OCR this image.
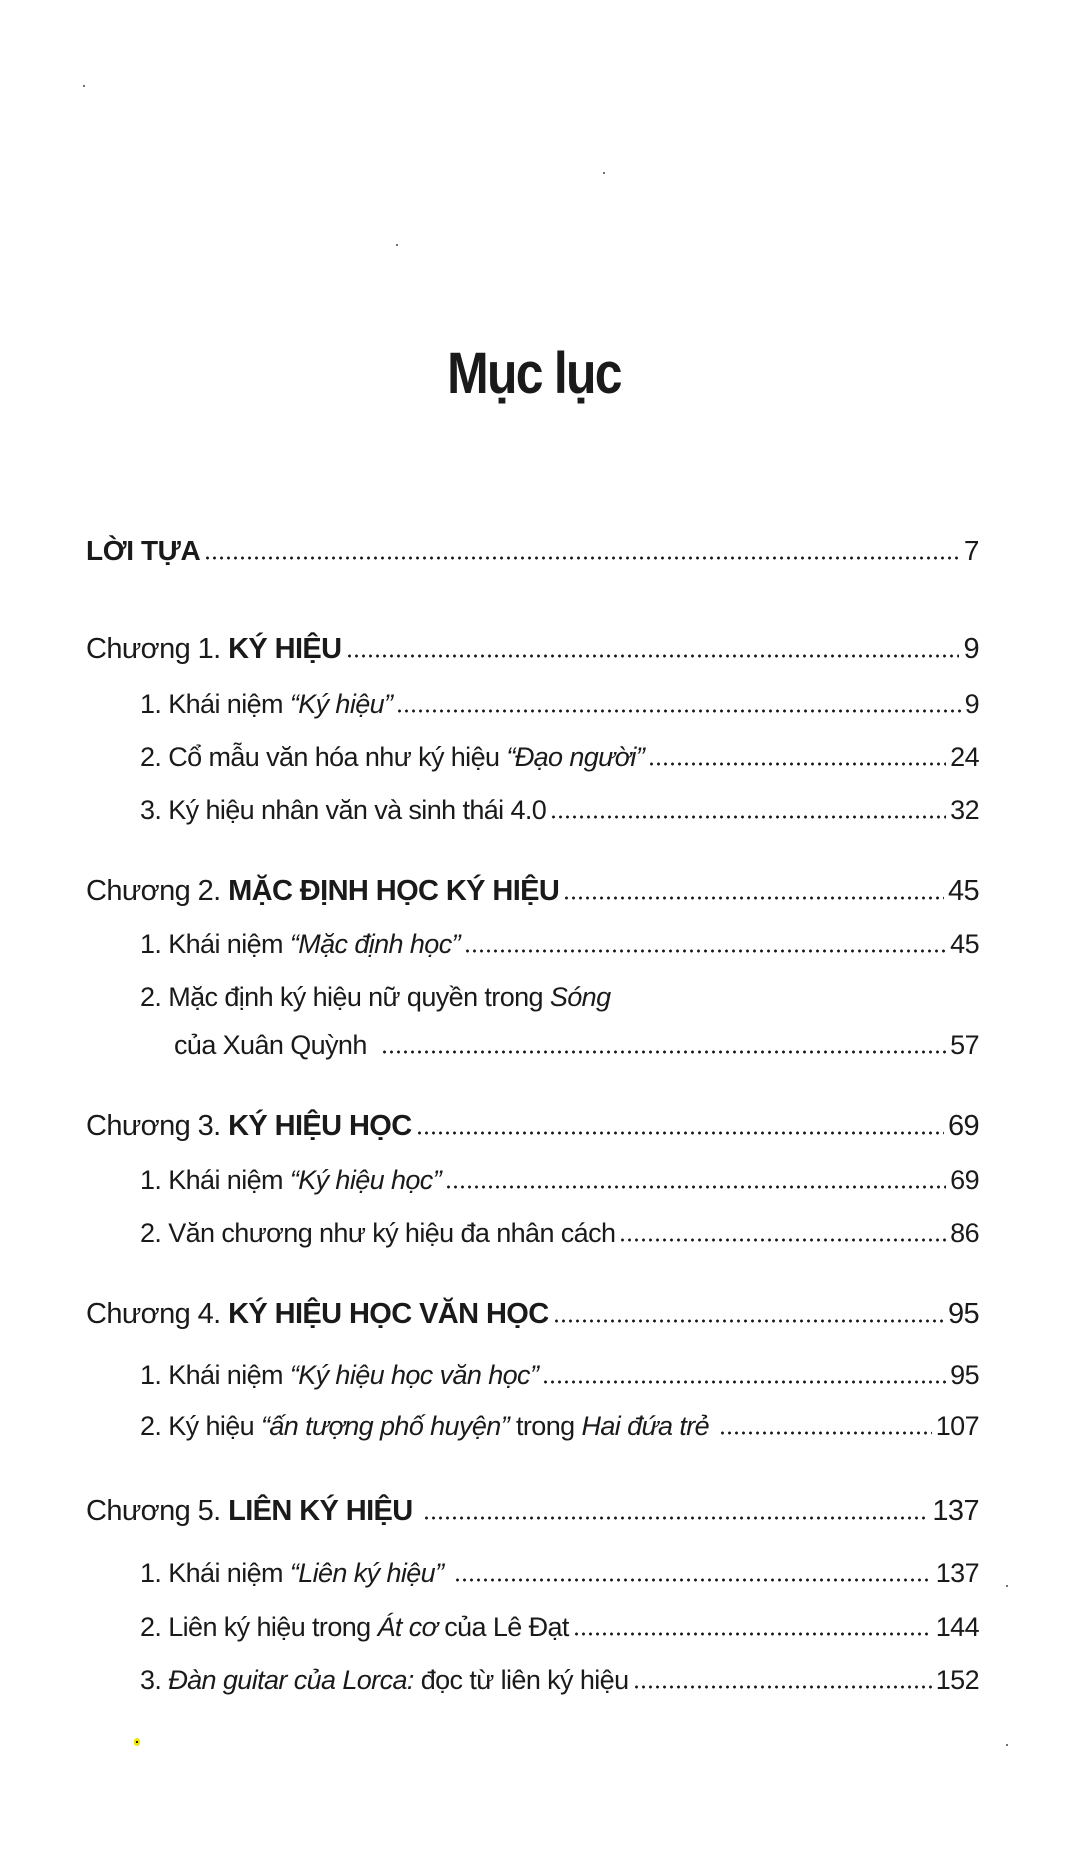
Mục lục
LỜI TỰA	7
Chương 1. KÝ HIỆU	9
1. Khái niệm “Ký hiệu”	9
2. Cổ mẫu văn hóa như ký hiệu “Đạo người”	24
3. Ký hiệu nhân văn và sinh thái 4.0	32
Chương 2. MẶC ĐỊNH HỌC KÝ HIỆU	45
1. Khái niệm “Mặc định học”	45
2. Mặc định ký hiệu nữ quyền trong Sóng
của Xuân Quỳnh	57
Chương 3. KÝ HIỆU HỌC	69
1. Khái niệm “Ký hiệu học”	69
2. Văn chương như ký hiệu đa nhân cách	86
Chương 4. KÝ HIỆU HỌC VĂN HỌC	95
1. Khái niệm “Ký hiệu học văn học”	95
2. Ký hiệu “ấn tượng phố huyện” trong Hai đứa trẻ	107
Chương 5. LIÊN KÝ HIỆU	137
1. Khái niệm “Liên ký hiệu”	137
2. Liên ký hiệu trong Át cơ của Lê Đạt	144
3. Đàn guitar của Lorca: đọc từ liên ký hiệu	152
